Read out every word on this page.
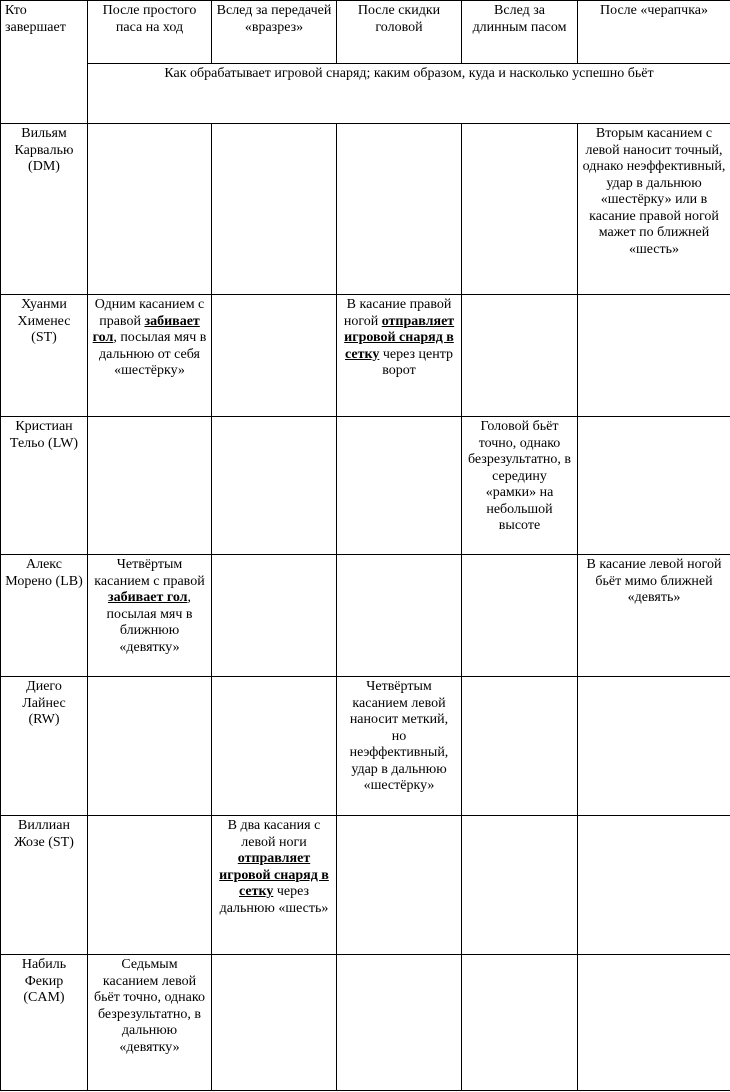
Кто завершает	После простого паса на ход	Вслед за передачей «вразрез»	После скидки головой	Вслед за длинным пасом	После «черапчка»
	Как обрабатывает игровой снаряд; каким образом, куда и насколько успешно бьёт				
Вильям Карвалью (DM)					Вторым касанием с левой наносит точный, однако неэффективный, удар в дальнюю «шестёрку» или в касание правой ногой мажет по ближней «шесть»
Хуанми Хименес (ST)	Одним касанием с правой забивает гол, посылая мяч в дальнюю от себя «шестёрку»		В касание правой ногой отправляет игровой снаряд в сетку через центр ворот		
Кристиан Тельо (LW)				Головой бьёт точно, однако безрезультатно, в середину «рамки» на небольшой высоте	
Алекс Морено (LB)	Четвёртым касанием с правой забивает гол, посылая мяч в ближнюю «девятку»				В касание левой ногой бьёт мимо ближней «девять»
Диего Лайнес (RW)			Четвёртым касанием левой наносит меткий, но неэффективный, удар в дальнюю «шестёрку»		
Виллиан Жозе (ST)		В два касания с левой ноги отправляет игровой снаряд в сетку через дальнюю «шесть»			
Набиль Фекир (CAM)	Седьмым касанием левой бьёт точно, однако безрезультатно, в дальнюю «девятку»				
